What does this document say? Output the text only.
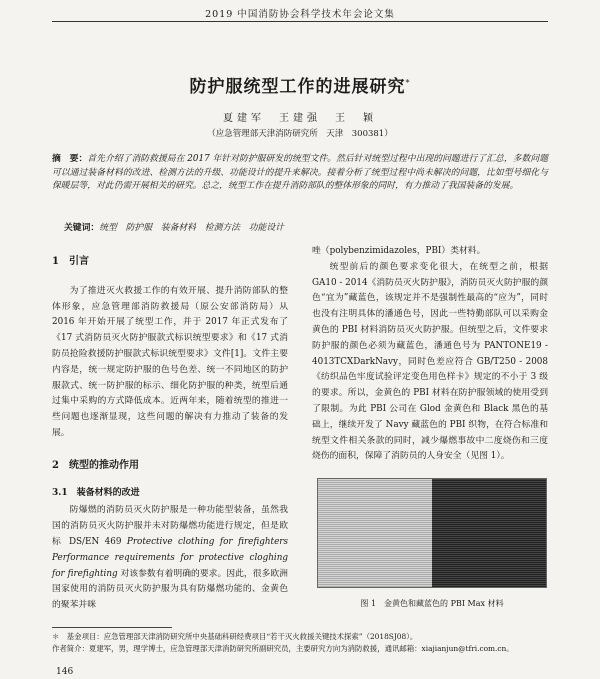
2019 中国消防协会科学技术年会论文集
防护服统型工作的进展研究*
夏建军　王建强　王　颖
（应急管理部天津消防研究所　天津　300381）
摘　要：首先介绍了消防救援局在 2017 年针对防护服研发的统型文件。然后针对统型过程中出现的问题进行了汇总，多数问题可以通过装备材料的改进、检测方法的升级、功能设计的提升来解决。接着分析了统型过程中尚未解决的问题，比如型号细化与保暖层等，对此仍需开展相关的研究。总之，统型工作在提升消防部队的整体形象的同时，有力推动了我国装备的发展。
关键词：统型　防护服　装备材料　检测方法　功能设计
1　引言

为了推进灭火救援工作的有效开展、提升消防部队的整体形象，应急管理部消防救援局（原公安部消防局）从 2016 年开始开展了统型工作，并于 2017 年正式发布了《17 式消防员灭火防护服款式标识统型要求》和《17 式消防员抢险救援防护服款式标识统型要求》文件[1]。文件主要内容是，统一规定防护服的色号色差、统一不同地区的防护服款式、统一防护服的标示、细化防护服的种类，统型后通过集中采购的方式降低成本。近两年来，随着统型的推进一些问题也逐渐显现，这些问题的解决有力推动了装备的发展。

2　统型的推动作用
3.1　装备材料的改进

防爆燃的消防员灭火防护服是一种功能型装备，虽然我国的消防员灭火防护服并未对防爆燃功能进行规定，但是欧标 DS/EN 469 Protective clothing for firefighters Performance requirements for protective cloghing for firefighting 对该参数有着明确的要求。因此，很多欧洲国家使用的消防员灭火防护服为具有防爆燃功能的、金黄色的聚苯并咪

唑（polybenzimidazoles，PBI）类材料。

统型前后的颜色要求变化很大，在统型之前，根据 GA10 - 2014《消防员灭火防护服》，消防员灭火防护服的颜色“宜为”藏蓝色，该规定并不是强制性最高的“应为”，同时也没有注明具体的潘通色号，因此一些特勤部队可以采购金黄色的 PBI 材料消防员灭火防护服。但统型之后，文件要求防护服的颜色必须为藏蓝色，潘通色号为 PANTONE19 - 4013TCXDarkNavy，同时色差应符合 GB/T250 - 2008《纺织品色牢度试验评定变色用色样卡》规定的不小于 3 级的要求。所以，金黄色的 PBI 材料在防护服领域的使用受到了限制。为此 PBI 公司在 Glod 金黄色和 Black 黑色的基础上，继续开发了 Navy 藏蓝色的 PBI 织物，在符合标准和统型文件相关条款的同时，减少爆燃事故中二度烧伤和三度烧伤的面积，保障了消防员的人身安全（见图 1）。

图 1　金黄色和藏蓝色的 PBI Max 材料
＊　基金项目：应急管理部天津消防研究所中央基础科研经费项目“若干灭火救援关键技术探索”（2018SJ08）。
作者简介：夏建军，男，理学博士，应急管理部天津消防研究所副研究员，主要研究方向为消防救援，通讯邮箱：xiajianjun@tfri.com.cn。
146
